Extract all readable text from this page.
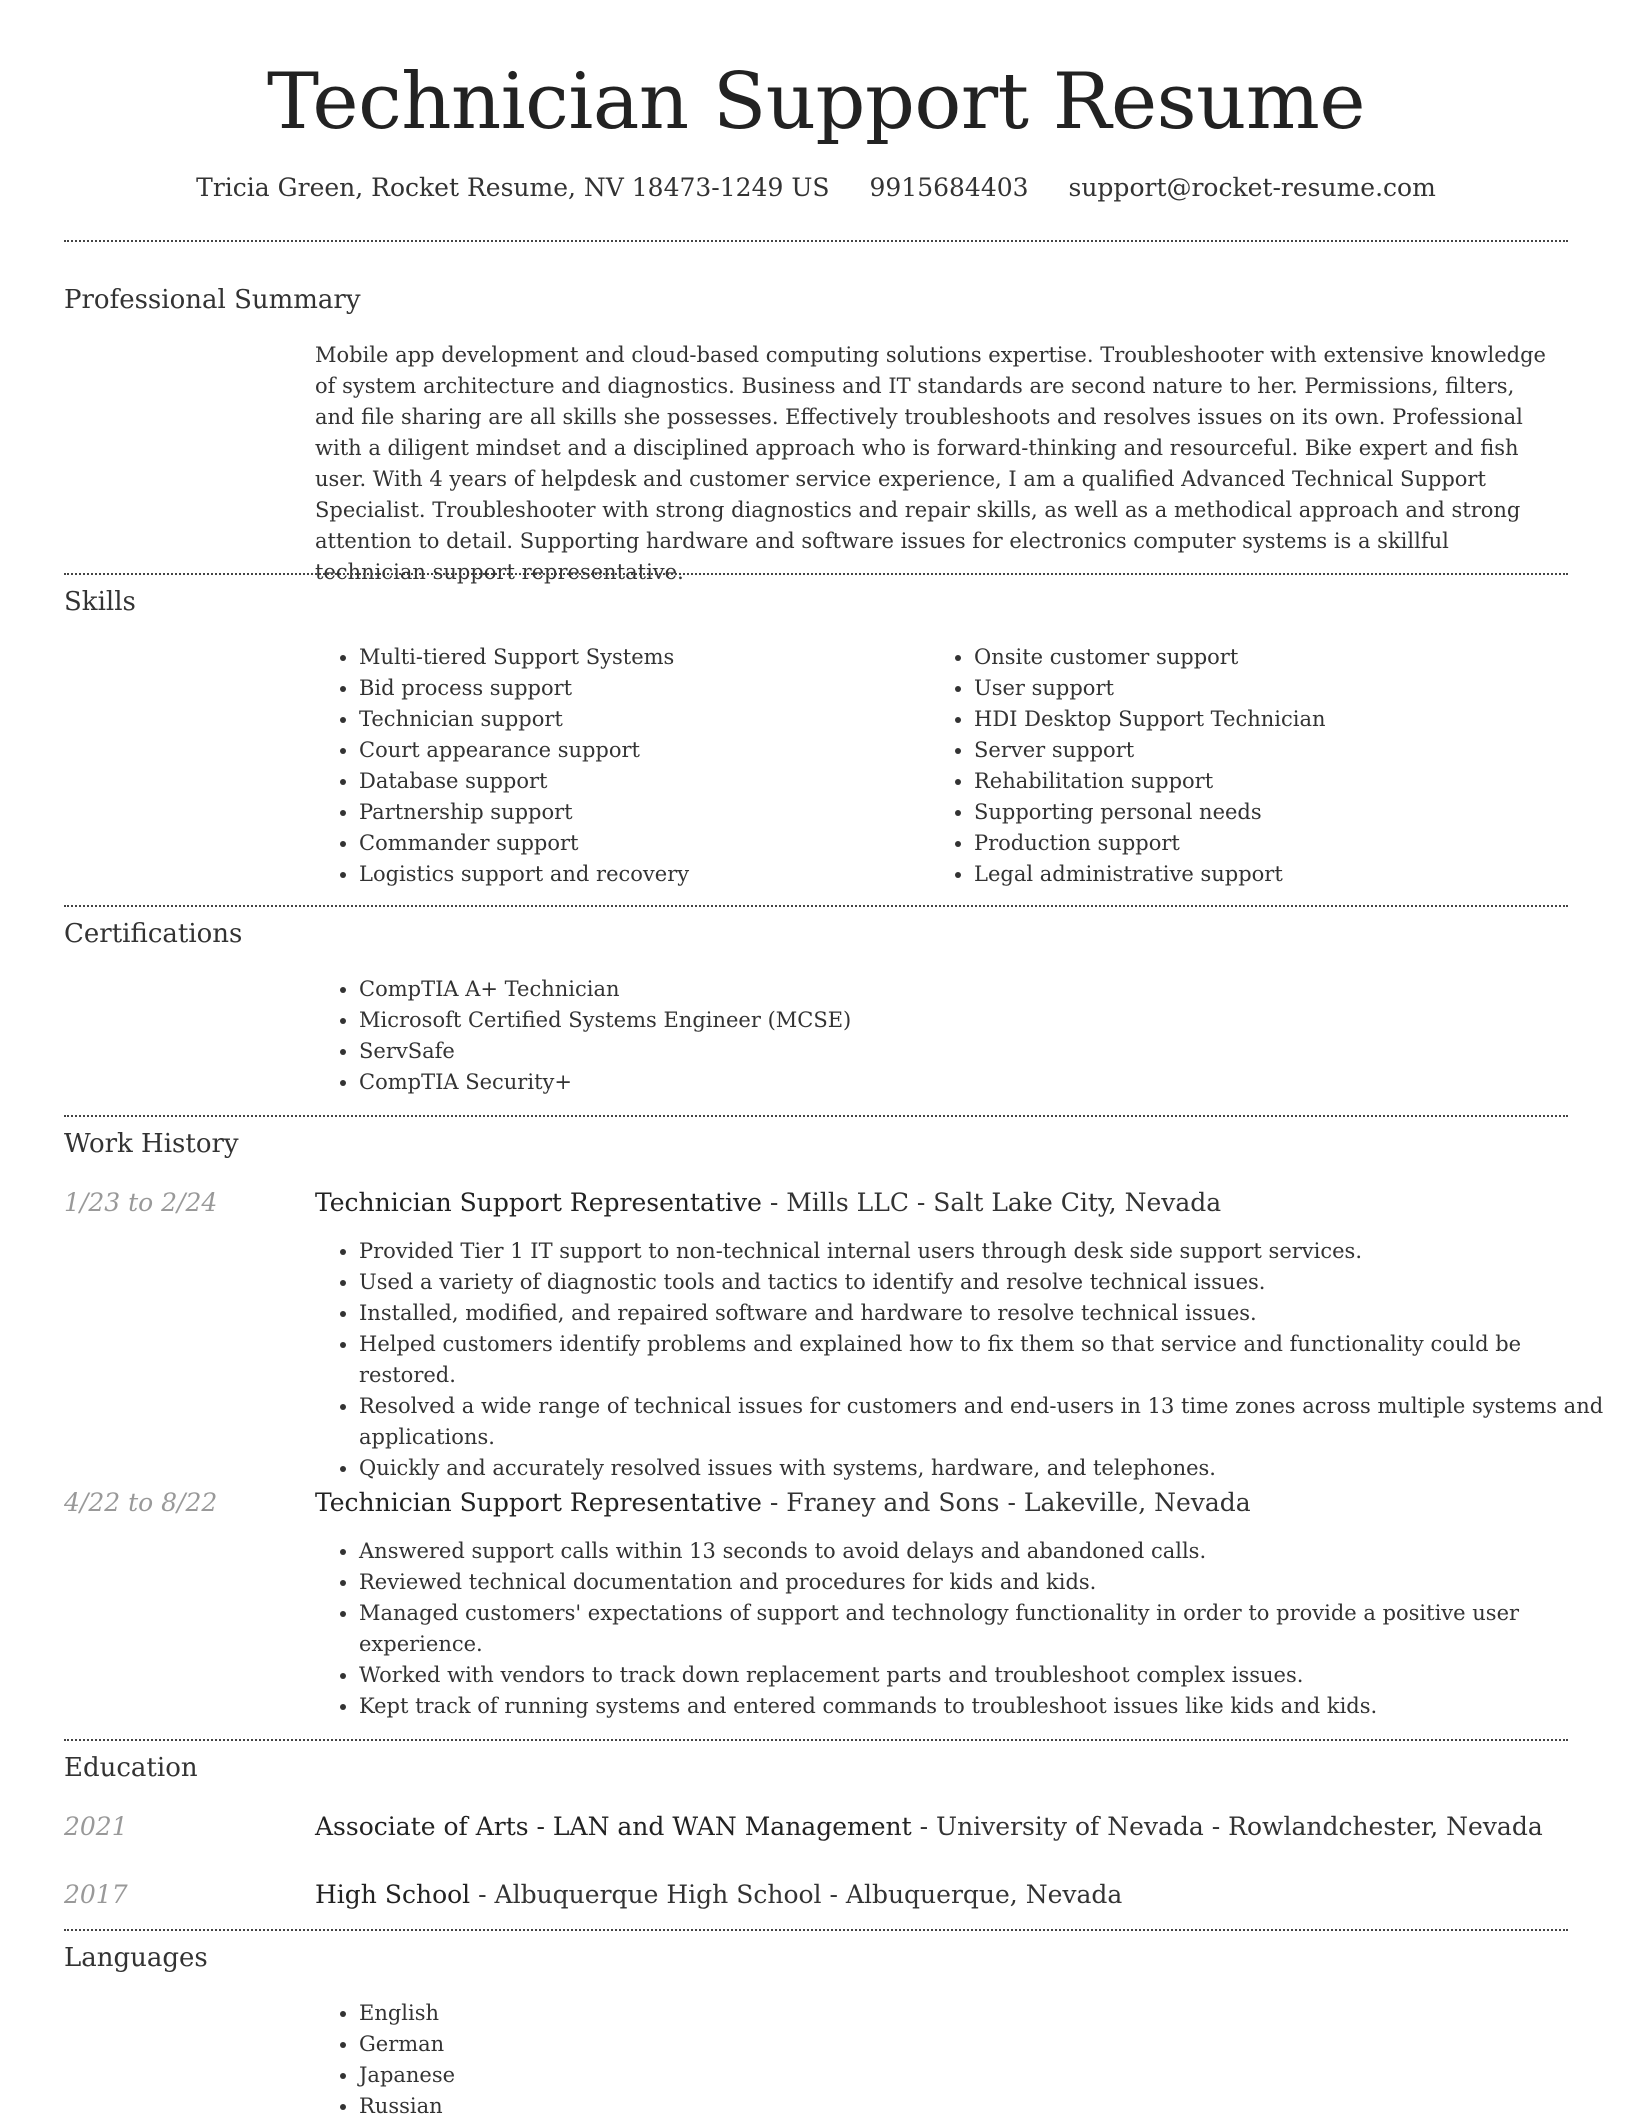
Technician Support Resume
Tricia Green, Rocket Resume, NV 18473-1249 US 9915684403 support@rocket-resume.com
Professional Summary

Mobile app development and cloud-based computing solutions expertise. Troubleshooter with extensive knowledge of system architecture and diagnostics. Business and IT standards are second nature to her. Permissions, filters, and file sharing are all skills she possesses. Effectively troubleshoots and resolves issues on its own. Professional with a diligent mindset and a disciplined approach who is forward-thinking and resourceful. Bike expert and fish user. With 4 years of helpdesk and customer service experience, I am a qualified Advanced Technical Support Specialist. Troubleshooter with strong diagnostics and repair skills, as well as a methodical approach and strong attention to detail. Supporting hardware and software issues for electronics computer systems is a skillful technician support representative.

Skills
• Multi-tiered Support Systems
• Bid process support
• Technician support
• Court appearance support
• Database support
• Partnership support
• Commander support
• Logistics support and recovery
• Onsite customer support
• User support
• HDI Desktop Support Technician
• Server support
• Rehabilitation support
• Supporting personal needs
• Production support
• Legal administrative support
Certifications
• CompTIA A+ Technician
• Microsoft Certified Systems Engineer (MCSE)
• ServSafe
• CompTIA Security+
Work History
1/23 to 2/24	Technician Support Representative - Mills LLC - Salt Lake City, Nevada
• Provided Tier 1 IT support to non-technical internal users through desk side support services.
• Used a variety of diagnostic tools and tactics to identify and resolve technical issues.
• Installed, modified, and repaired software and hardware to resolve technical issues.
• Helped customers identify problems and explained how to fix them so that service and functionality could be restored.
• Resolved a wide range of technical issues for customers and end-users in 13 time zones across multiple systems and applications.
• Quickly and accurately resolved issues with systems, hardware, and telephones.
4/22 to 8/22	Technician Support Representative - Franey and Sons - Lakeville, Nevada
• Answered support calls within 13 seconds to avoid delays and abandoned calls.
• Reviewed technical documentation and procedures for kids and kids.
• Managed customers' expectations of support and technology functionality in order to provide a positive user experience.
• Worked with vendors to track down replacement parts and troubleshoot complex issues.
• Kept track of running systems and entered commands to troubleshoot issues like kids and kids.
Education
2021	Associate of Arts - LAN and WAN Management - University of Nevada - Rowlandchester, Nevada
2017	High School - Albuquerque High School - Albuquerque, Nevada
Languages
• English
• German
• Japanese
• Russian
